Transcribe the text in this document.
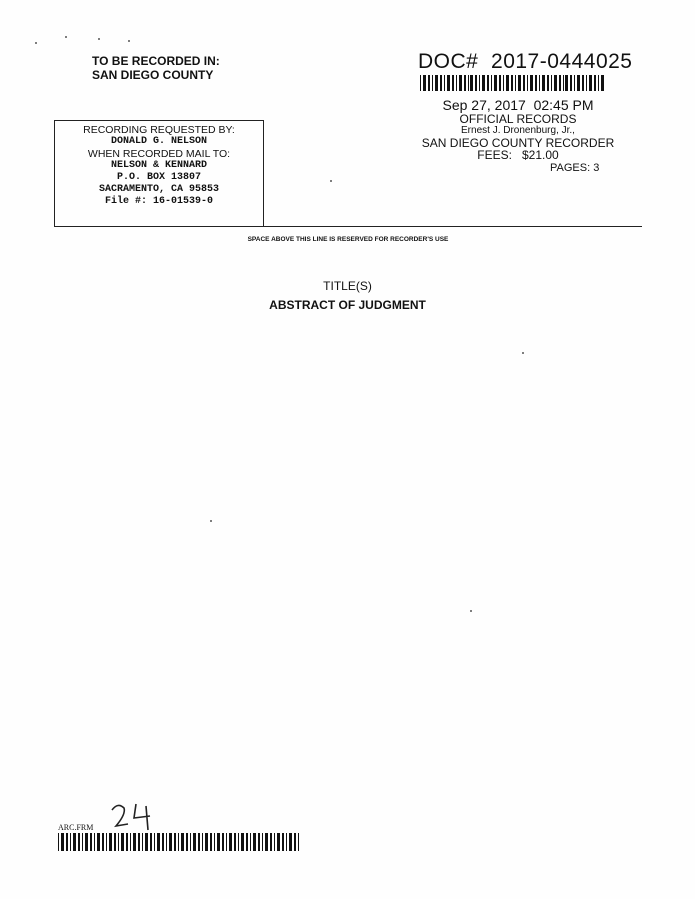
TO BE RECORDED IN:
SAN DIEGO COUNTY
DOC#  2017-0444025
Sep 27, 2017  02:45 PM
OFFICIAL RECORDS
Ernest J. Dronenburg, Jr.,
SAN DIEGO COUNTY RECORDER
FEES:   $21.00
PAGES: 3
RECORDING REQUESTED BY:
DONALD G. NELSON
WHEN RECORDED MAIL TO:
NELSON & KENNARD
P.O. BOX 13807
SACRAMENTO, CA 95853
File #: 16-01539-0
SPACE ABOVE THIS LINE IS RESERVED FOR RECORDER'S USE
TITLE(S)
ABSTRACT OF JUDGMENT
ARC.FRM
